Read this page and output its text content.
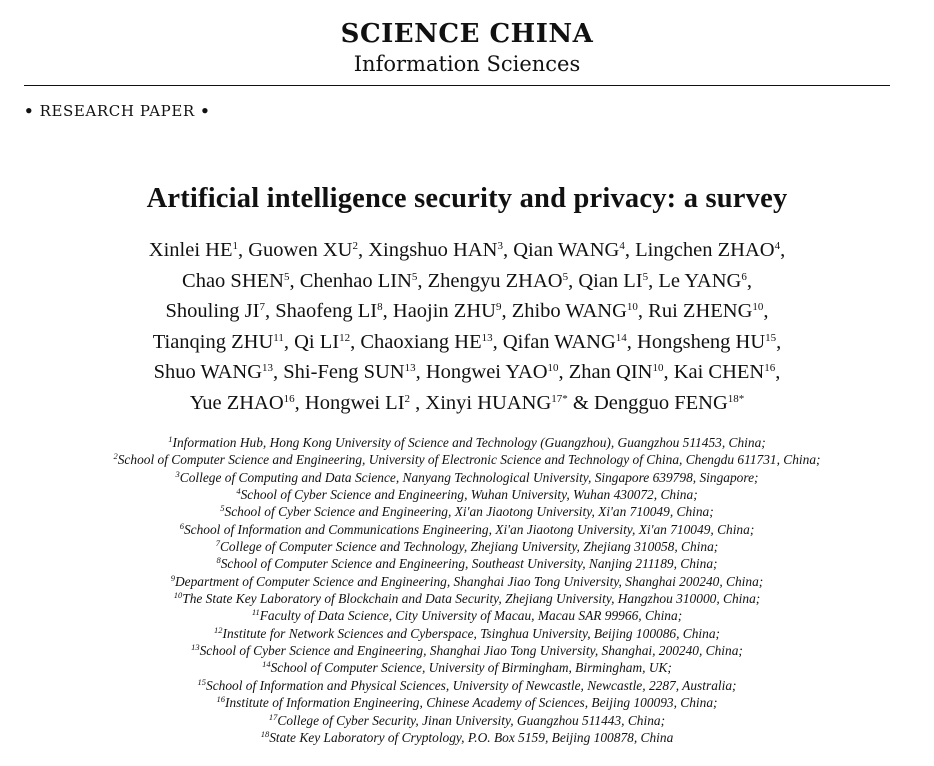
SCIENCE CHINA
Information Sciences
• RESEARCH PAPER •
Artificial intelligence security and privacy: a survey
Xinlei $HE^1$, Guowen $XU^2$, Xingshuo HAN$^3$, Qian WANG$^4$, Lingchen ZHAO$^4$,
Chao SHEN$^5$, Chenhao LIN$^5$, Zhengyu ZHAO$^5$, Qian $LI^5$, Le YANG$^6$,
Shouling $JI^7$, Shaofeng $LI^8$, Haojin ZHU$^9$, Zhibo WANG$^{10}$, Rui ZHENG$^{10}$,
Tianqing ZHU$^{11}$, Qi LI$^{12}$, Chaoxiang HE$^{13}$, Qifan WANG$^{14}$, Hongsheng HU$^{15}$,
Shuo WANG$^{13}$, Shi-Feng SUN$^{13}$, Hongwei YAO$^{10}$, Zhan QIN$^{10}$, Kai CHEN$^{16}$,
Yue ZHAO$^{16}$, Hongwei $LI^2$ , Xinyi $HUANG^{17*}$ & Dengguo $FENG^{18*}$
$^1$Information Hub, Hong Kong University of Science and Technology (Guangzhou), Guangzhou 511453, China;
$^2$School of Computer Science and Engineering, University of Electronic Science and Technology of China, Chengdu 611731, China;
$^3$College of Computing and Data Science, Nanyang Technological University, Singapore 639798, Singapore;
$^4$School of Cyber Science and Engineering, Wuhan University, Wuhan 430072, China;
$^5$School of Cyber Science and Engineering, Xi'an Jiaotong University, Xi'an 710049, China;
$^6$School of Information and Communications Engineering, Xi'an Jiaotong University, Xi'an 710049, China;
$^7$College of Computer Science and Technology, Zhejiang University, Zhejiang 310058, China;
$^8$School of Computer Science and Engineering, Southeast University, Nanjing 211189, China;
$^9$Department of Computer Science and Engineering, Shanghai Jiao Tong University, Shanghai 200240, China;
$^{10}$The State Key Laboratory of Blockchain and Data Security, Zhejiang University, Hangzhou 310000, China;
$^{11}$Faculty of Data Science, City University of Macau, Macau SAR 99966, China;
$^{12}$Institute for Network Sciences and Cyberspace, Tsinghua University, Beijing 100086, China;
$^{13}$School of Cyber Science and Engineering, Shanghai Jiao Tong University, Shanghai, 200240, China;
$^{14}$School of Computer Science, University of Birmingham, Birmingham, UK;
$^{15}$School of Information and Physical Sciences, University of Newcastle, Newcastle, 2287, Australia;
$^{16}$Institute of Information Engineering, Chinese Academy of Sciences, Beijing 100093, China;
$^{17}$College of Cyber Security, Jinan University, Guangzhou 511443, China;
$^{18}$State Key Laboratory of Cryptology, P.O. Box 5159, Beijing 100878, China
